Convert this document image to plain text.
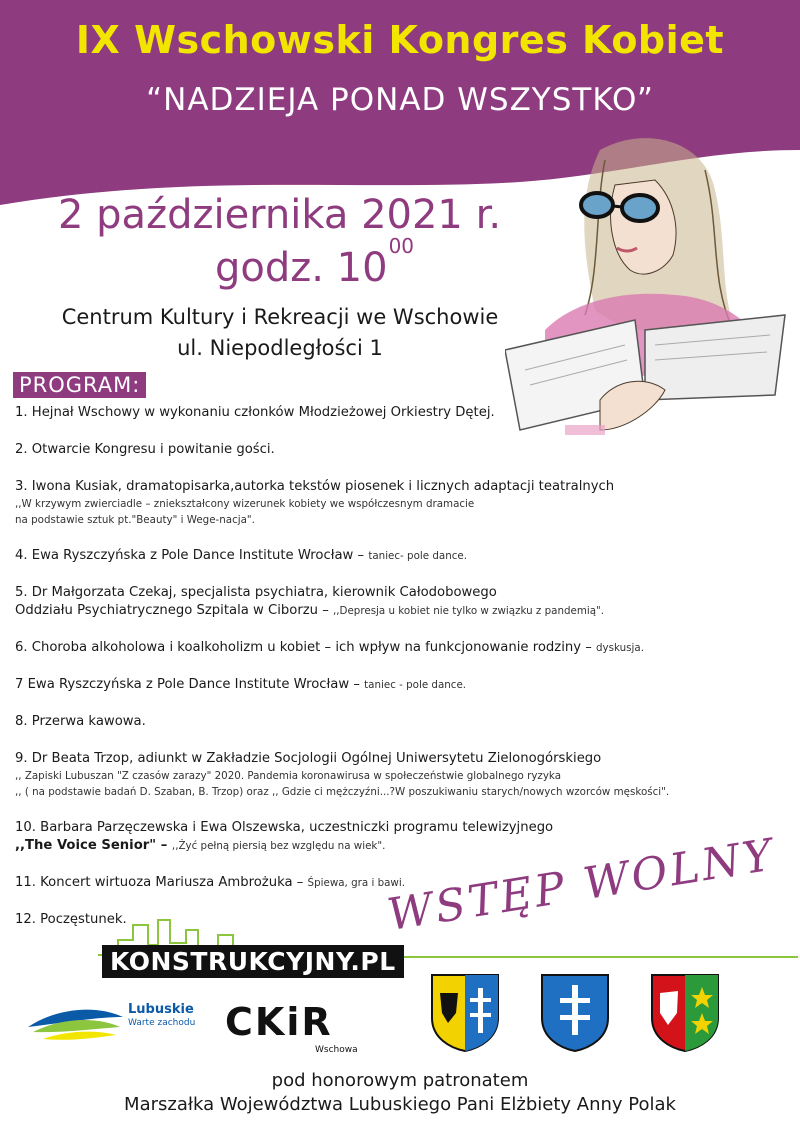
IX Wschowski Kongres Kobiet
“NADZIEJA PONAD WSZYSTKO”
2 października 2021 r.
godz. $10^{00}$
Centrum Kultury i Rekreacji we Wschowie
ul. Niepodległości 1
PROGRAM:
1. Hejnał Wschowy w wykonaniu członków Młodzieżowej Orkiestry Dętej.
2. Otwarcie Kongresu i powitanie gości.
3. Iwona Kusiak, dramatopisarka,autorka tekstów piosenek i licznych adaptacji teatralnych
,,W krzywym zwierciadle – zniekształcony wizerunek kobiety we współczesnym dramacie
na podstawie sztuk pt."Beauty" i Wege-nacja".
4. Ewa Ryszczyńska z Pole Dance Institute Wrocław – taniec- pole dance.
5. Dr Małgorzata Czekaj, specjalista psychiatra, kierownik Całodobowego
Oddziału Psychiatrycznego Szpitala w Ciborzu – ,,Depresja u kobiet nie tylko w związku z pandemią".
6. Choroba alkoholowa i koalkoholizm u kobiet – ich wpływ na funkcjonowanie rodziny – dyskusja.
7 Ewa Ryszczyńska z Pole Dance Institute Wrocław – taniec - pole dance.
8. Przerwa kawowa.
9. Dr Beata Trzop, adiunkt w Zakładzie Socjologii Ogólnej Uniwersytetu Zielonogórskiego
,, Zapiski Lubuszan "Z czasów zarazy" 2020. Pandemia koronawirusa w społeczeństwie globalnego ryzyka
,, ( na podstawie badań D. Szaban, B. Trzop) oraz ,, Gdzie ci mężczyźni...?W poszukiwaniu starych/nowych wzorców męskości".
10. Barbara Parzęczewska i Ewa Olszewska, uczestniczki programu telewizyjnego
,,The Voice Senior" – ,,Żyć pełną piersią bez względu na wiek".
11. Koncert wirtuoza Mariusza Ambrożuka – Śpiewa, gra i bawi.
12. Poczęstunek.	WSTĘP WOLNY
KONSTRUKCYJNY.PL
Lubuskie
Warte zachodu CKiR
Wschowa
pod honorowym patronatem
Marszałka Województwa Lubuskiego Pani Elżbiety Anny Polak
